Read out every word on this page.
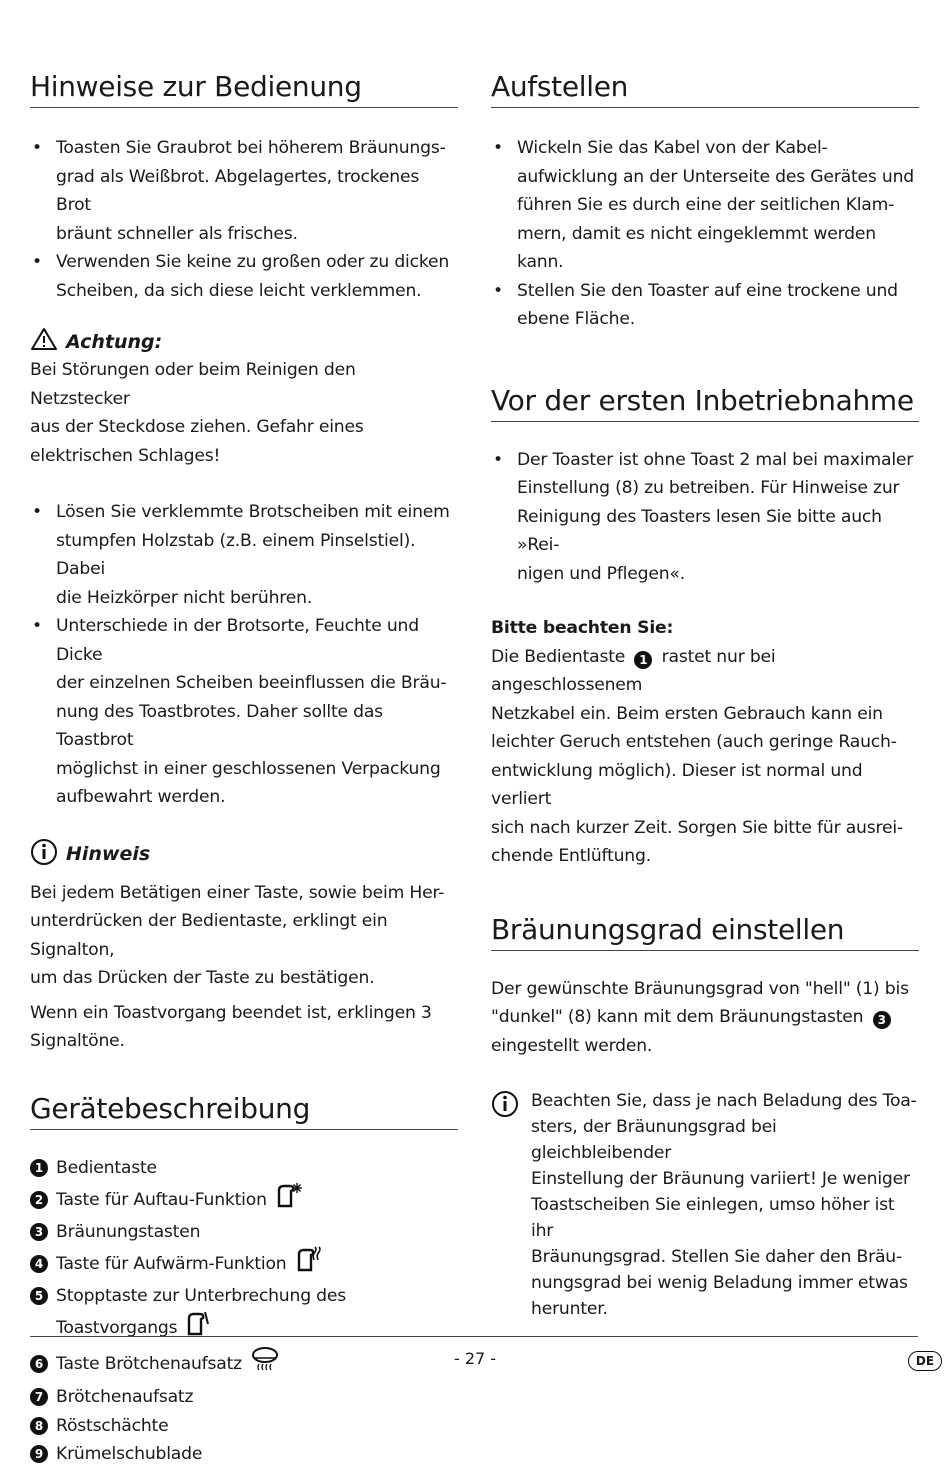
Hinweise zur Bedienung
• Toasten Sie Graubrot bei höherem Bräunungs-
grad als Weißbrot. Abgelagertes, trockenes Brot
bräunt schneller als frisches.
• Verwenden Sie keine zu großen oder zu dicken
Scheiben, da sich diese leicht verklemmen.
Achtung:
Bei Störungen oder beim Reinigen den Netzstecker
aus der Steckdose ziehen. Gefahr eines
elektrischen Schlages!
• Lösen Sie verklemmte Brotscheiben mit einem
stumpfen Holzstab (z.B. einem Pinselstiel). Dabei
die Heizkörper nicht berühren.
• Unterschiede in der Brotsorte, Feuchte und Dicke
der einzelnen Scheiben beeinflussen die Bräu-
nung des Toastbrotes. Daher sollte das Toastbrot
möglichst in einer geschlossenen Verpackung
aufbewahrt werden.
Hinweis
Bei jedem Betätigen einer Taste, sowie beim Her-
unterdrücken der Bedientaste, erklingt ein Signalton,
um das Drücken der Taste zu bestätigen.
Wenn ein Toastvorgang beendet ist, erklingen 3
Signaltöne.
Gerätebeschreibung
1 Bedientaste
2 Taste für Auftau-Funktion
3 Bräunungstasten
4 Taste für Aufwärm-Funktion
5 Stopptaste zur Unterbrechung des
Toastvorgangs
6 Taste Brötchenaufsatz
7 Brötchenaufsatz
8 Röstschächte
9 Krümelschublade
Aufstellen
• Wickeln Sie das Kabel von der Kabel-
aufwicklung an der Unterseite des Gerätes und
führen Sie es durch eine der seitlichen Klam-
mern, damit es nicht eingeklemmt werden kann.
• Stellen Sie den Toaster auf eine trockene und
ebene Fläche.
Vor der ersten Inbetriebnahme
• Der Toaster ist ohne Toast 2 mal bei maximaler
Einstellung (8) zu betreiben. Für Hinweise zur
Reinigung des Toasters lesen Sie bitte auch »Rei-
nigen und Pflegen«.
Bitte beachten Sie:
Die Bedientaste 1 rastet nur bei angeschlossenem
Netzkabel ein. Beim ersten Gebrauch kann ein
leichter Geruch entstehen (auch geringe Rauch-
entwicklung möglich). Dieser ist normal und verliert
sich nach kurzer Zeit. Sorgen Sie bitte für ausrei-
chende Entlüftung.
Bräunungsgrad einstellen
Der gewünschte Bräunungsgrad von "hell" (1) bis
"dunkel" (8) kann mit dem Bräunungstasten 3
eingestellt werden.
Beachten Sie, dass je nach Beladung des Toa-
sters, der Bräunungsgrad bei gleichbleibender
Einstellung der Bräunung variiert! Je weniger
Toastscheiben Sie einlegen, umso höher ist ihr
Bräunungsgrad. Stellen Sie daher den Bräu-
nungsgrad bei wenig Beladung immer etwas
herunter.
- 27 -	DE
